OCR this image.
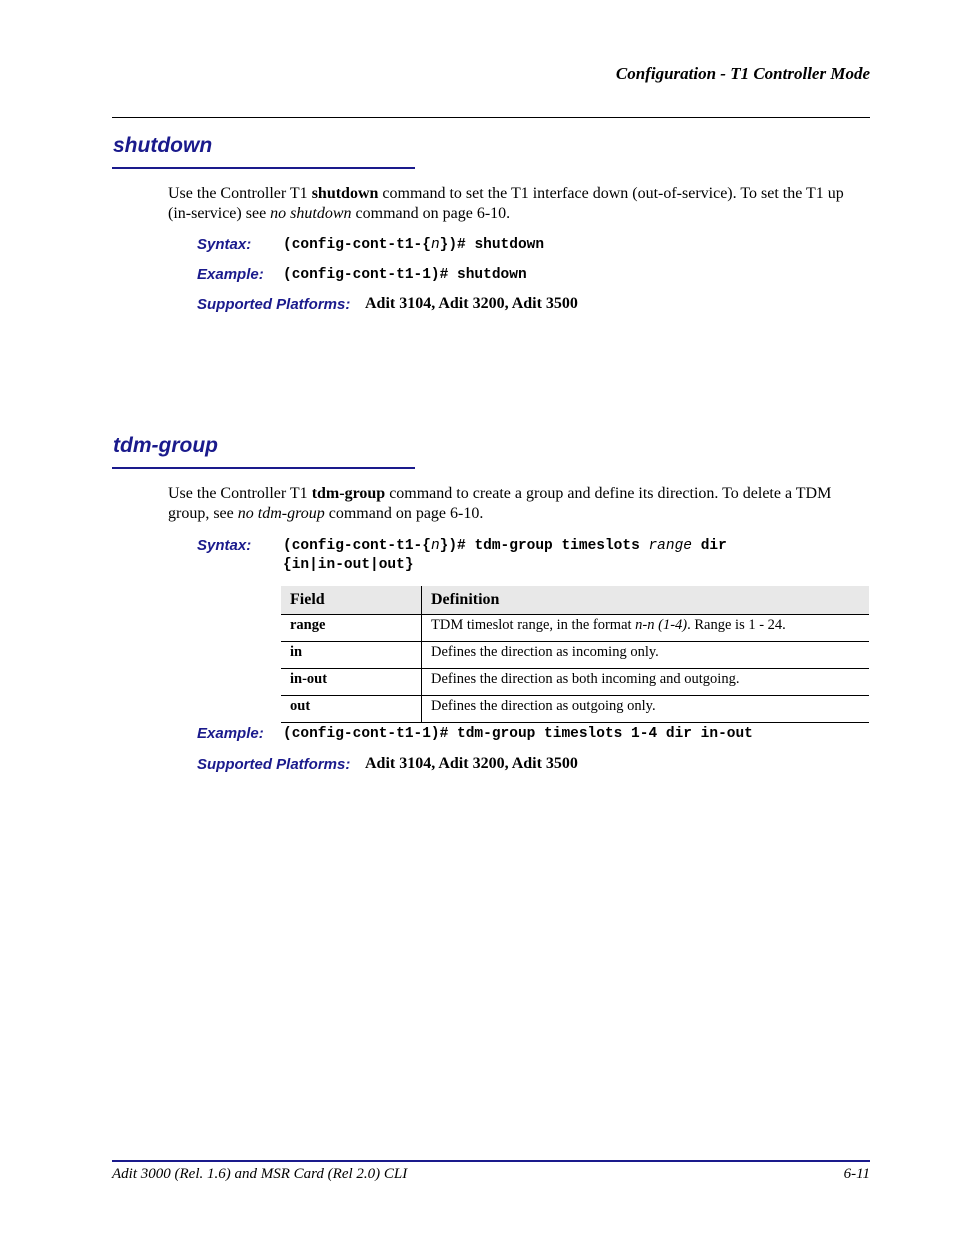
Configuration - T1 Controller Mode
shutdown
Use the Controller T1 shutdown command to set the T1 interface down (out-of-service). To set the T1 up (in-service) see no shutdown command on page 6-10.
Syntax: (config-cont-t1-{n})# shutdown
Example: (config-cont-t1-1)# shutdown
Supported Platforms: Adit 3104, Adit 3200, Adit 3500
tdm-group
Use the Controller T1 tdm-group command to create a group and define its direction. To delete a TDM group, see no tdm-group command on page 6-10.
Syntax: (config-cont-t1-{n})# tdm-group timeslots range dir
{in|in-out|out}
Field	Definition
range	TDM timeslot range, in the format n-n (1-4). Range is 1 - 24.
in	Defines the direction as incoming only.
in-out	Defines the direction as both incoming and outgoing.
out	Defines the direction as outgoing only.
Example: (config-cont-t1-1)# tdm-group timeslots 1-4 dir in-out
Supported Platforms: Adit 3104, Adit 3200, Adit 3500
Adit 3000 (Rel. 1.6) and MSR Card (Rel 2.0) CLI	6-11
